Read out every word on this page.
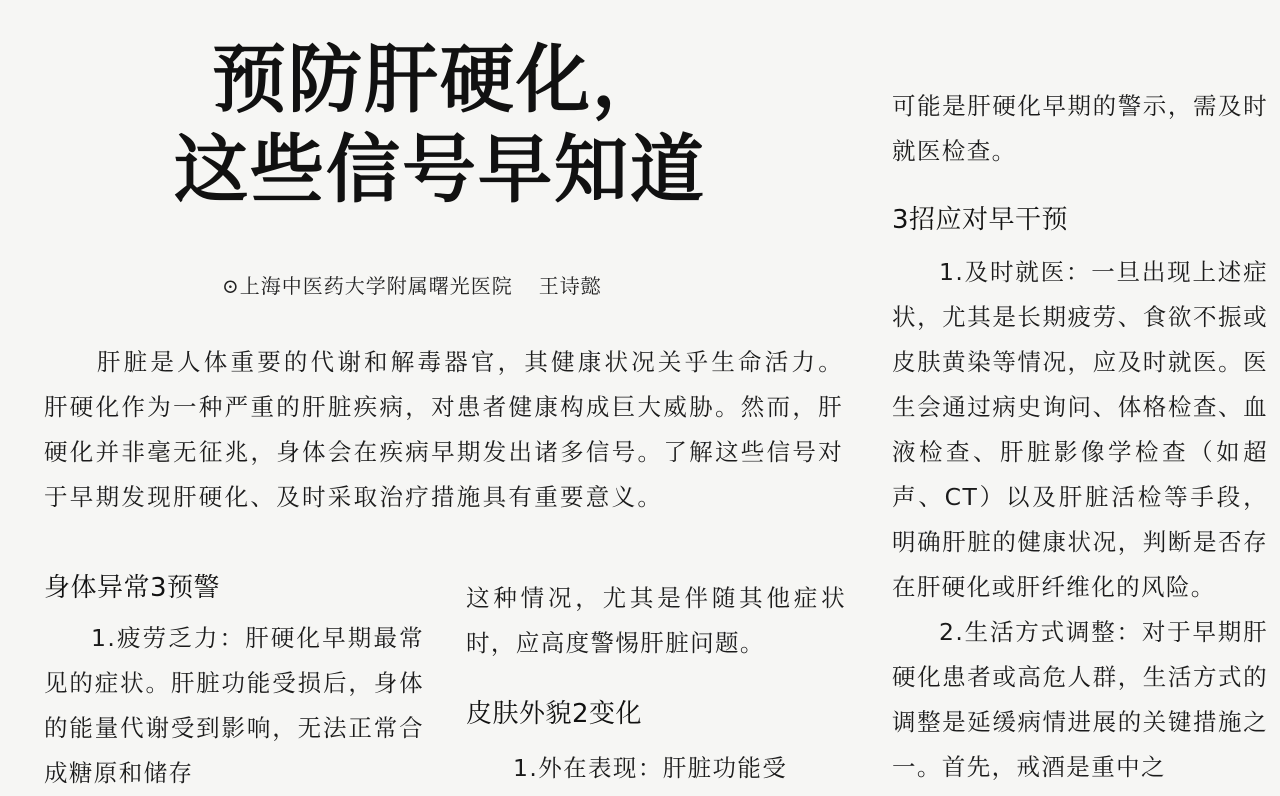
预防肝硬化，
这些信号早知道
⊙上海中医药大学附属曙光医院 王诗懿
肝脏是人体重要的代谢和解毒器官，其健康状况关乎生命活力。肝硬化作为一种严重的肝脏疾病，对患者健康构成巨大威胁。然而，肝硬化并非毫无征兆，身体会在疾病早期发出诸多信号。了解这些信号对于早期发现肝硬化、及时采取治疗措施具有重要意义。
身体异常3预警

1.疲劳乏力：肝硬化早期最常见的症状。肝脏功能受损后，身体的能量代谢受到影响，无法正常合成糖原和储存

这种情况，尤其是伴随其他症状时，应高度警惕肝脏问题。

皮肤外貌2变化

1.外在表现：肝脏功能受

可能是肝硬化早期的警示，需及时就医检查。

3招应对早干预

1.及时就医：一旦出现上述症状，尤其是长期疲劳、食欲不振或皮肤黄染等情况，应及时就医。医生会通过病史询问、体格检查、血液检查、肝脏影像学检查（如超声、CT）以及肝脏活检等手段，明确肝脏的健康状况，判断是否存在肝硬化或肝纤维化的风险。

2.生活方式调整：对于早期肝硬化患者或高危人群，生活方式的调整是延缓病情进展的关键措施之一。首先，戒酒是重中之
